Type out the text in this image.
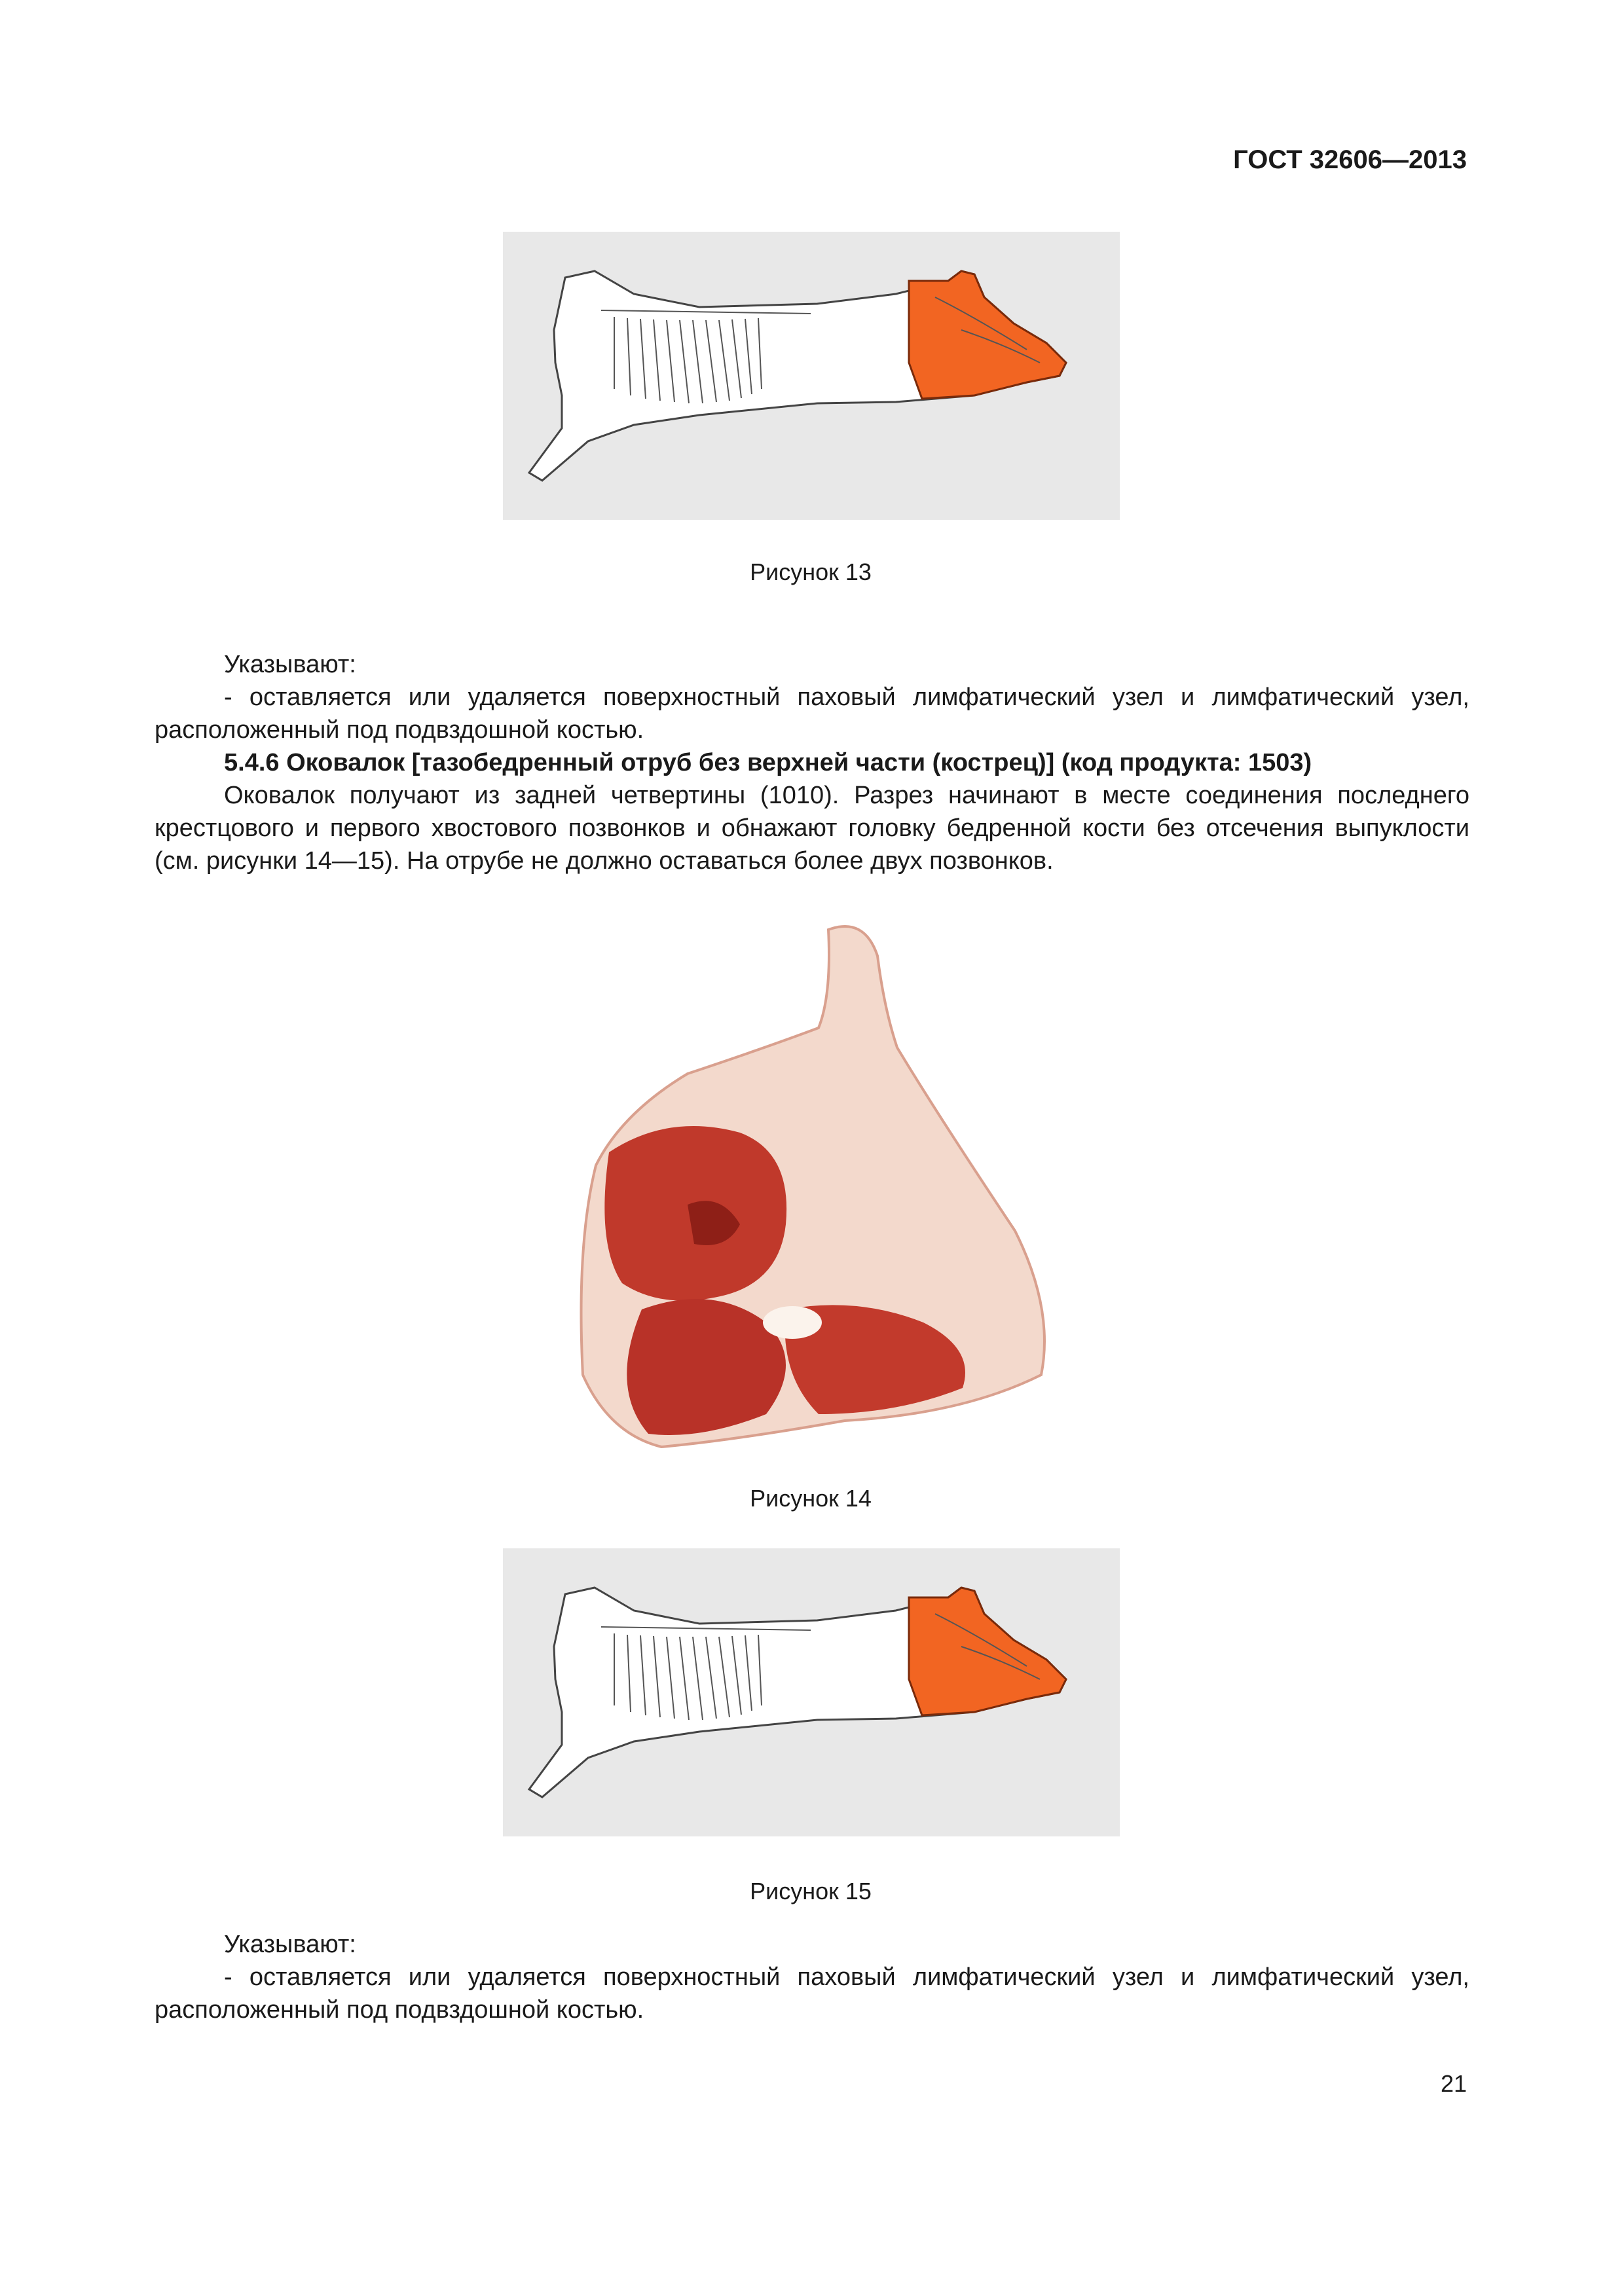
ГОСТ 32606—2013
Рисунок 13
Указывают:
- оставляется или удаляется поверхностный паховый лимфатический узел и лимфатический узел, расположенный под подвздошной костью.
5.4.6 Оковалок [тазобедренный отруб без верхней части (кострец)] (код продукта: 1503)
Оковалок получают из задней четвертины (1010). Разрез начинают в месте соединения последнего крестцового и первого хвостового позвонков и обнажают головку бедренной кости без отсечения выпуклости (см. рисунки 14—15). На отрубе не должно оставаться более двух позвонков.
Рисунок 14
Рисунок 15
Указывают:
- оставляется или удаляется поверхностный паховый лимфатический узел и лимфатический узел, расположенный под подвздошной костью.
21
